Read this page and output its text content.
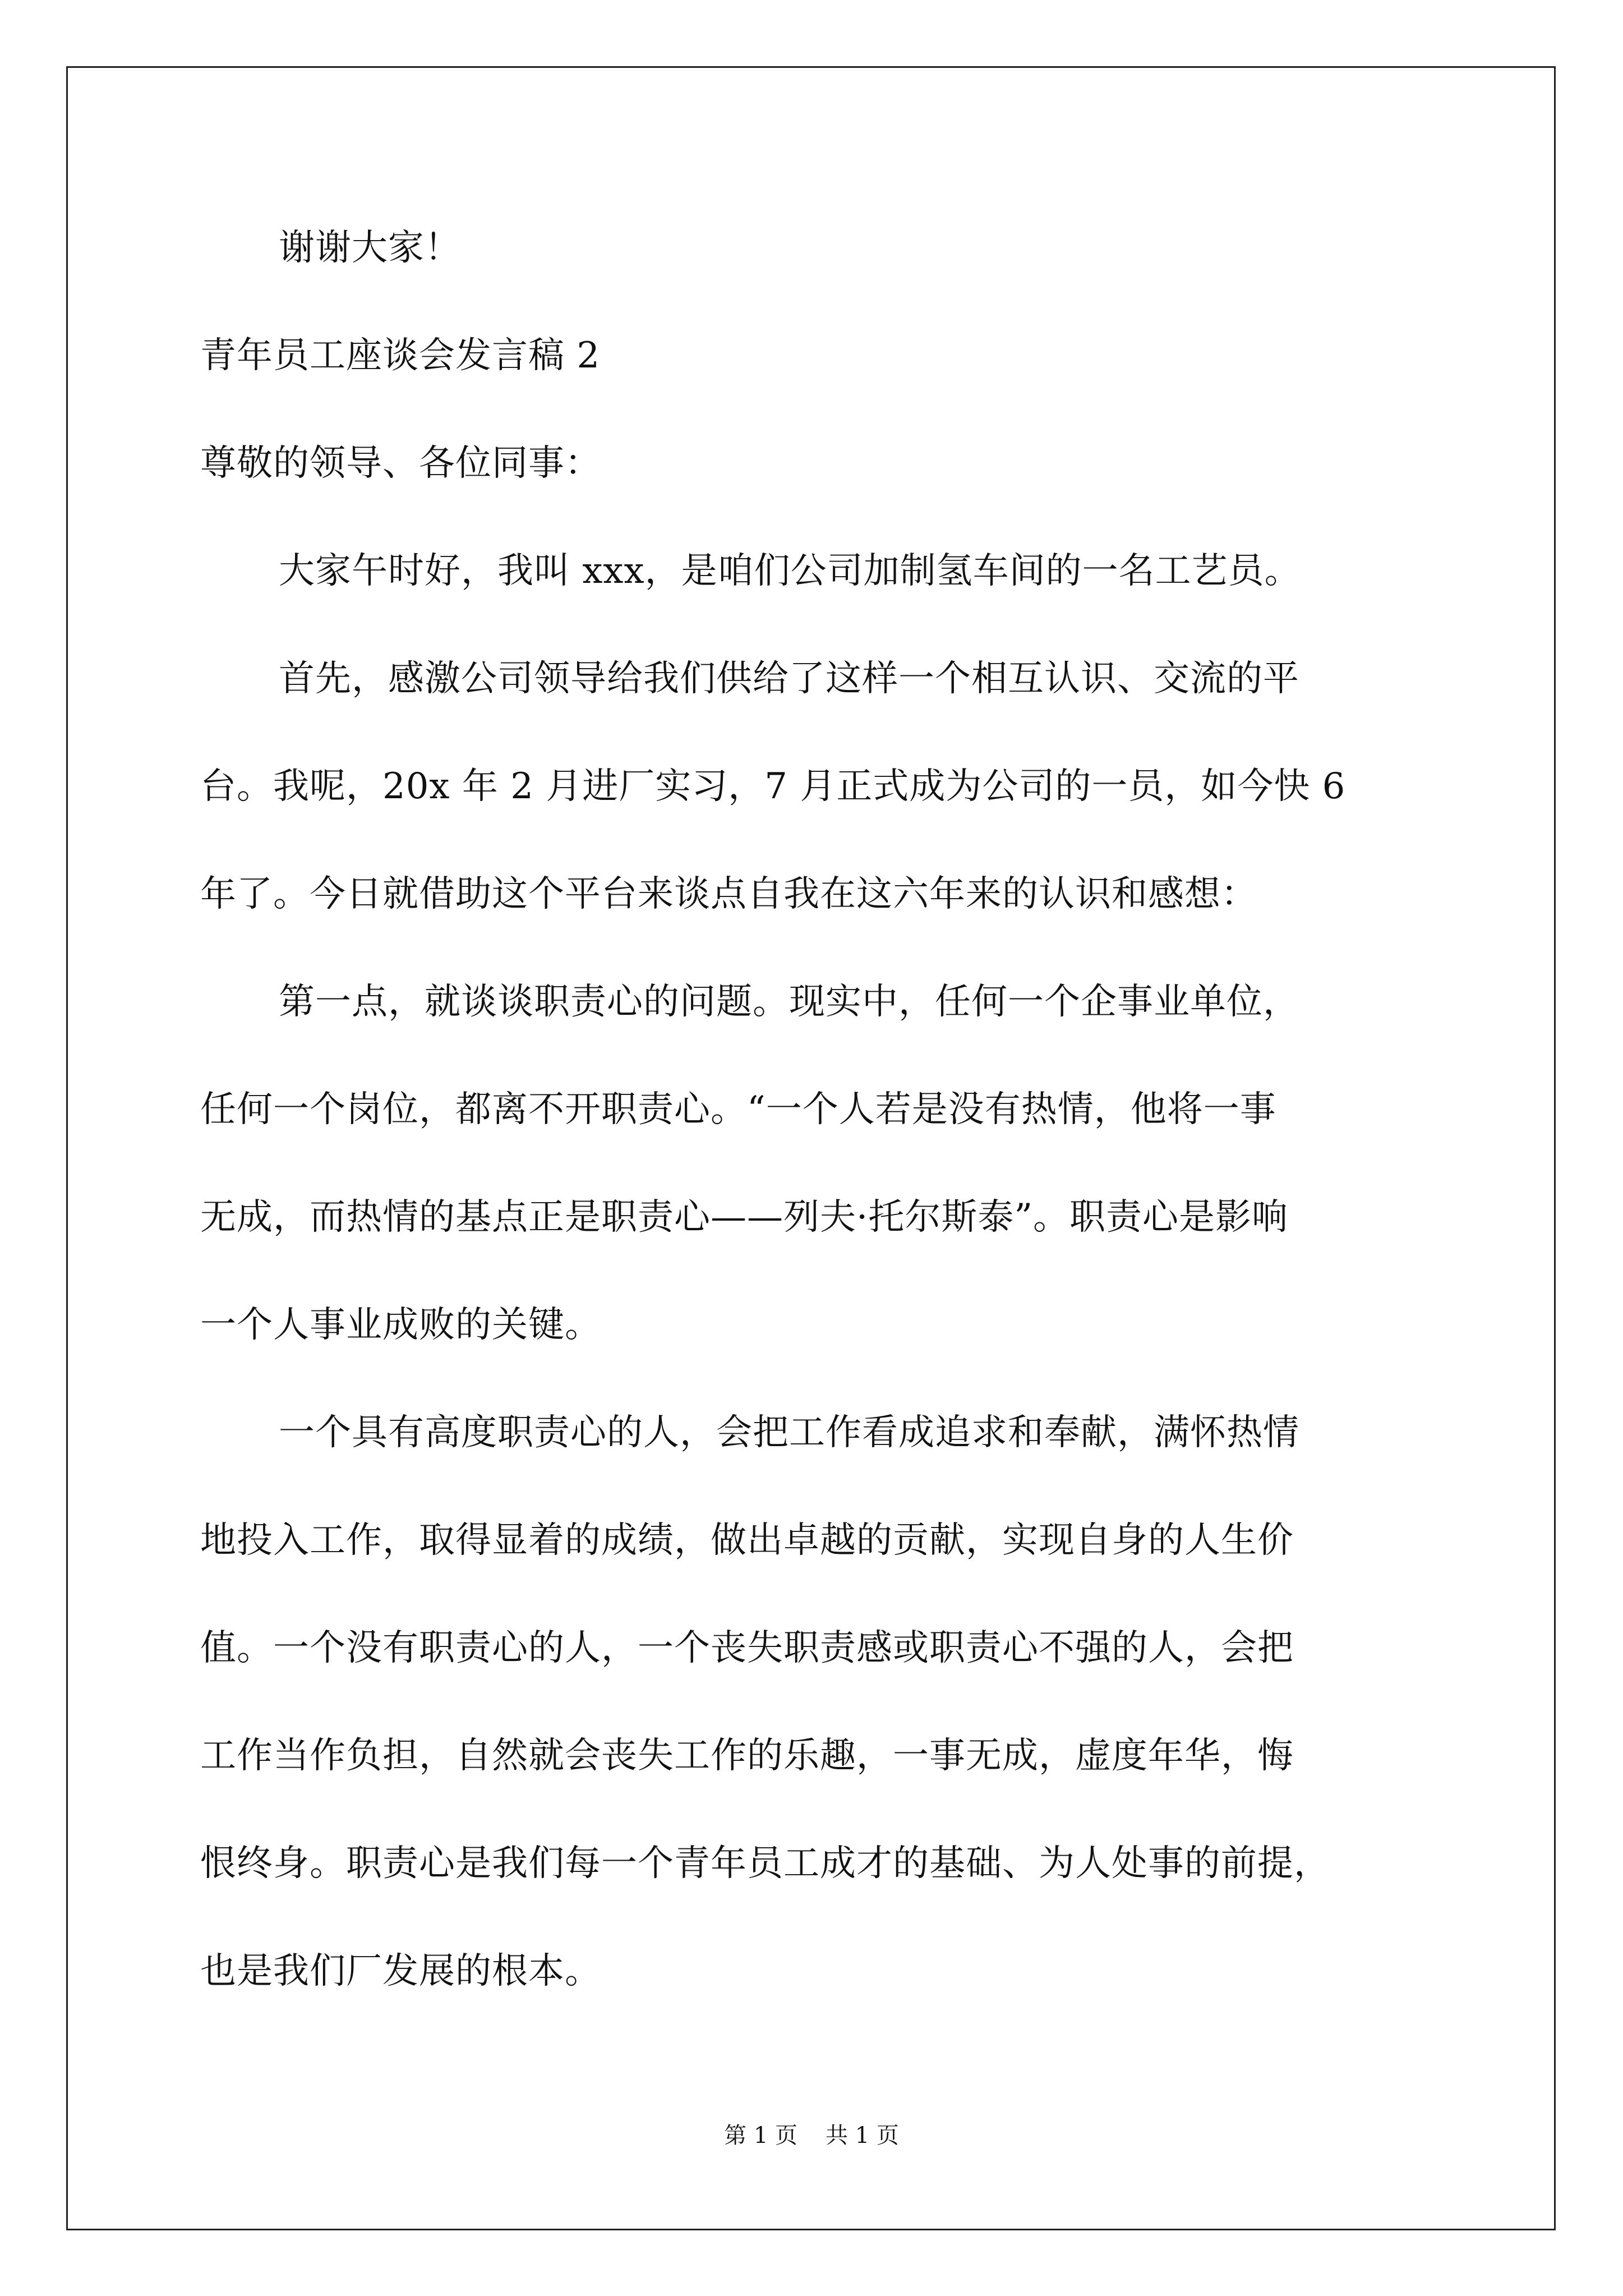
谢谢大家！
青年员工座谈会发言稿 2
尊敬的领导、各位同事：
大家午时好，我叫 xxx，是咱们公司加制氢车间的一名工艺员。
首先，感激公司领导给我们供给了这样一个相互认识、交流的平
台。我呢，20x 年 2 月进厂实习，7 月正式成为公司的一员，如今快 6
年了。今日就借助这个平台来谈点自我在这六年来的认识和感想：
第一点，就谈谈职责心的问题。现实中，任何一个企事业单位，
任何一个岗位，都离不开职责心。“一个人若是没有热情，他将一事
无成，而热情的基点正是职责心——列夫·托尔斯泰”。职责心是影响
一个人事业成败的关键。
一个具有高度职责心的人，会把工作看成追求和奉献，满怀热情
地投入工作，取得显着的成绩，做出卓越的贡献，实现自身的人生价
值。一个没有职责心的人，一个丧失职责感或职责心不强的人，会把
工作当作负担，自然就会丧失工作的乐趣，一事无成，虚度年华，悔
恨终身。职责心是我们每一个青年员工成才的基础、为人处事的前提，
也是我们厂发展的根本。
第 1 页 共 1 页
